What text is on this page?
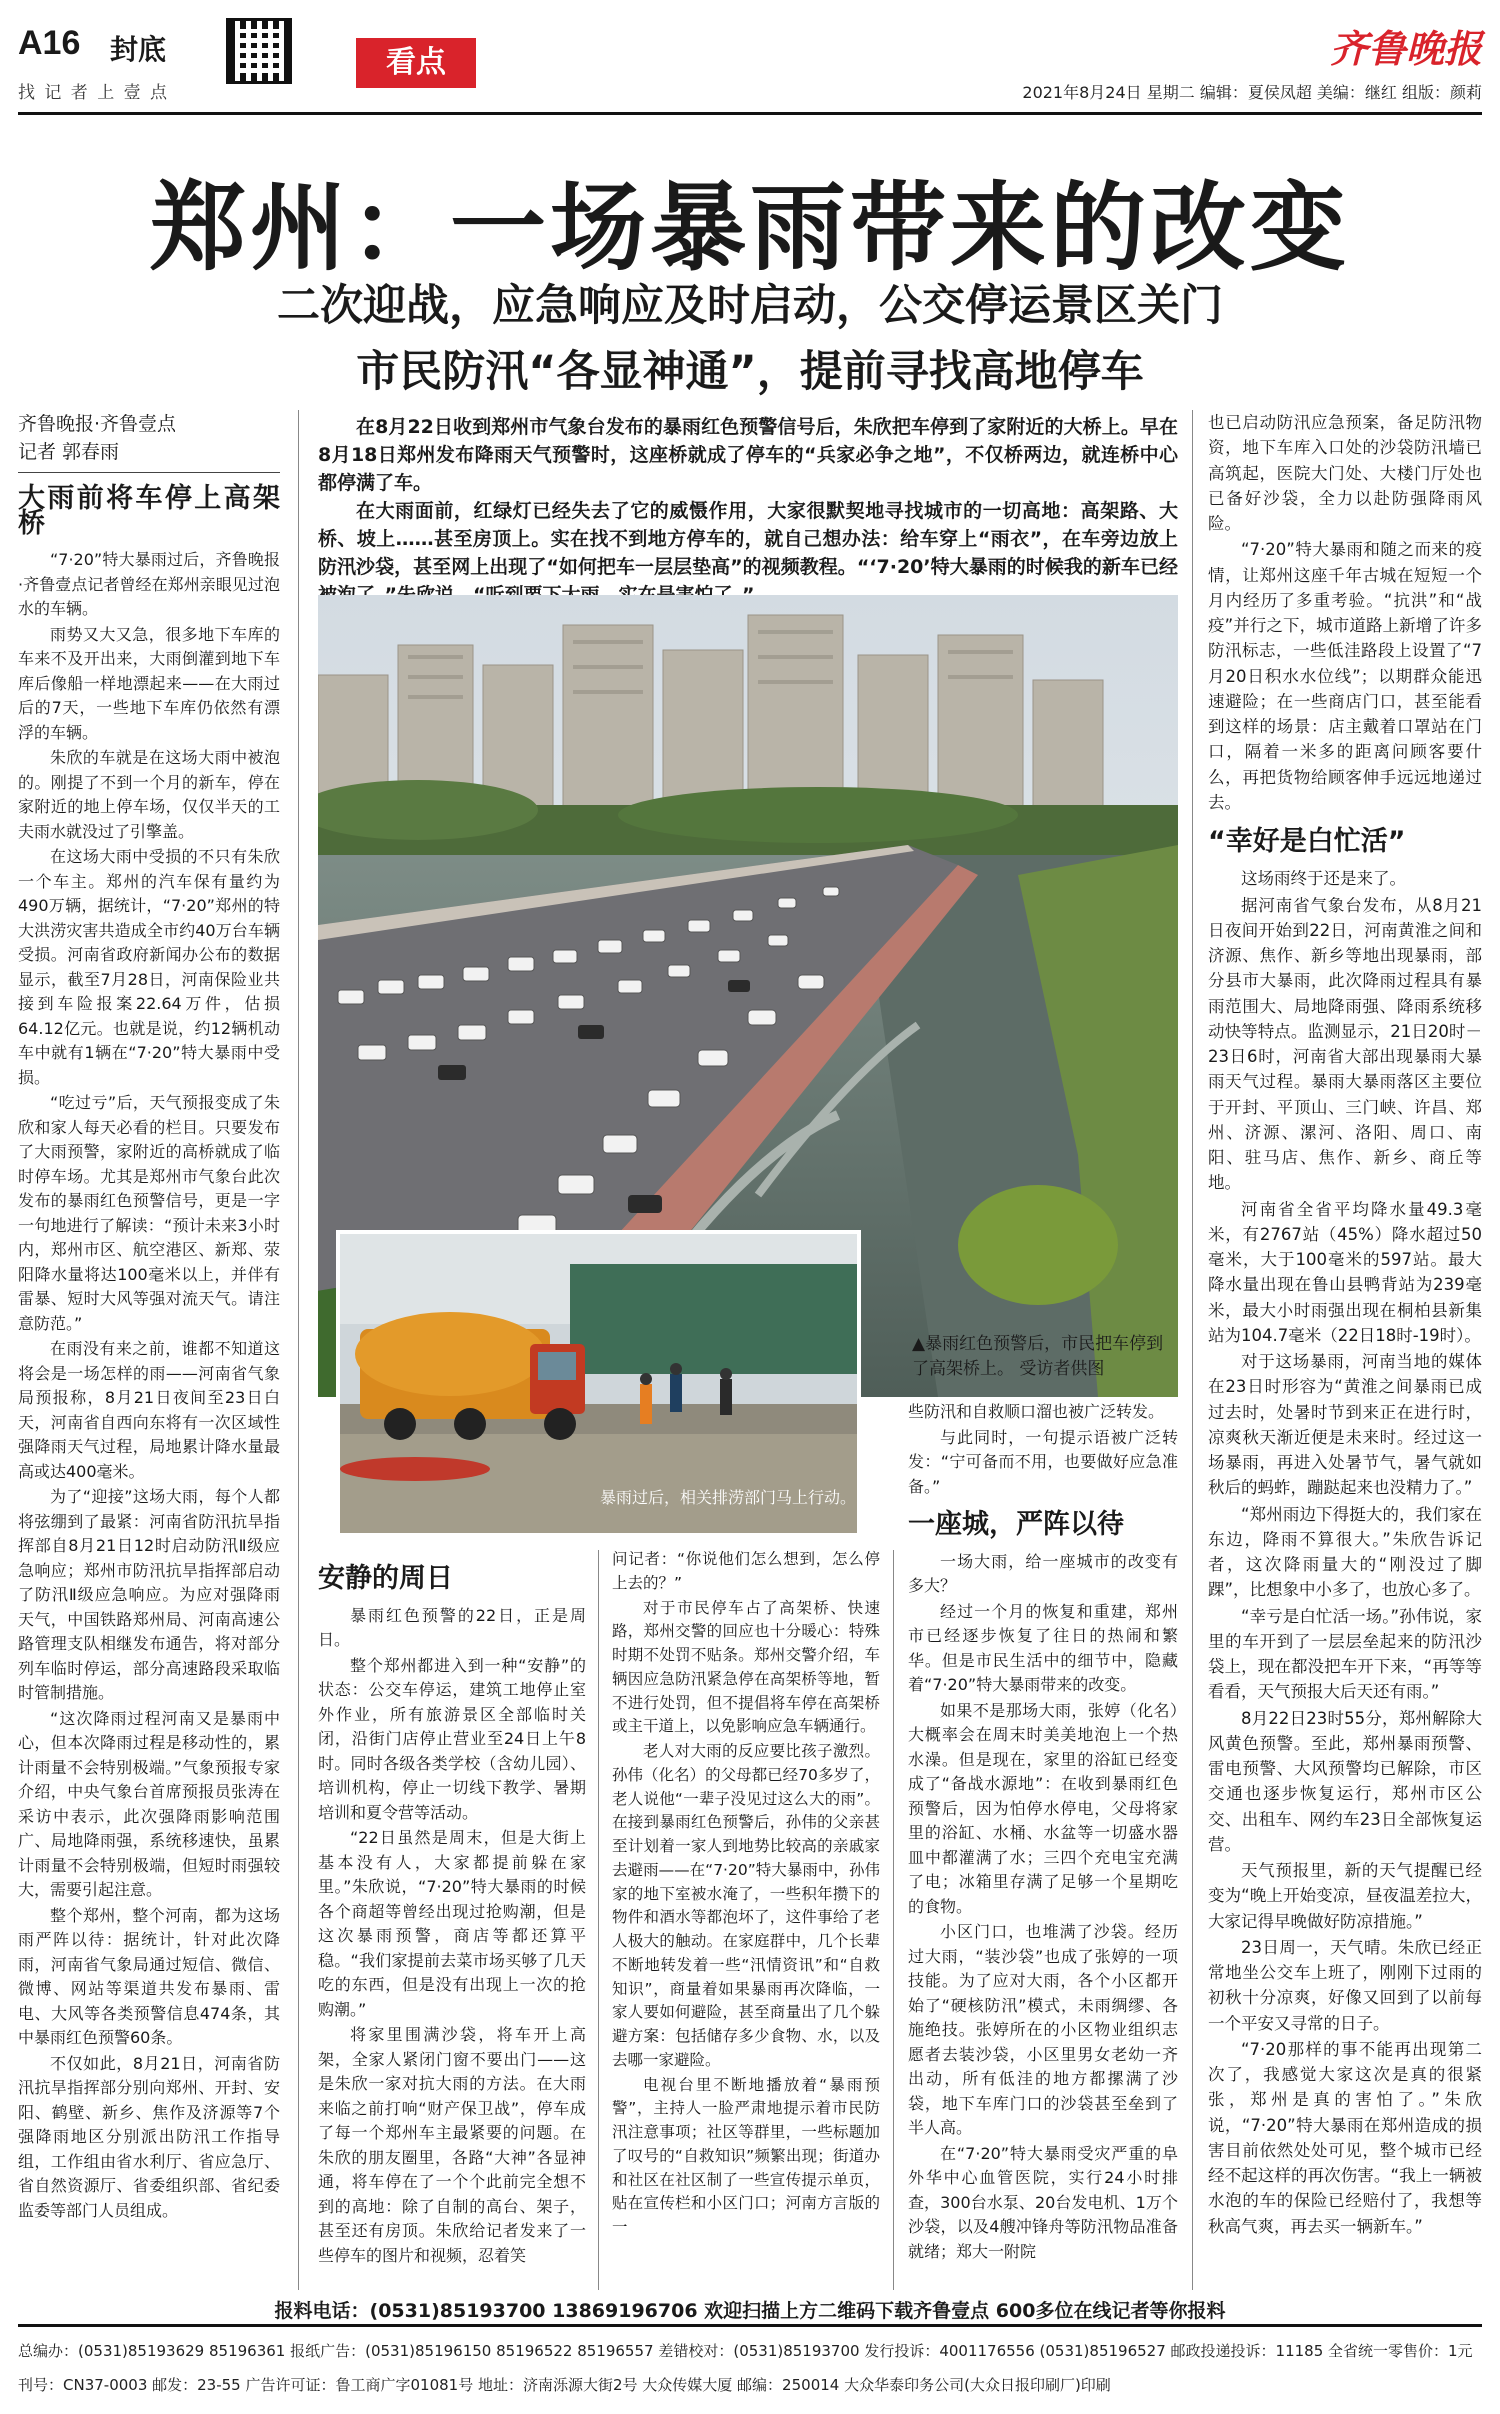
A16 封底
找 记 者 上 壹 点
看点	齐鲁晚报
2021年8月24日 星期二 编辑：夏侯凤超 美编：继红 组版：颜莉
郑州：一场暴雨带来的改变
二次迎战，应急响应及时启动，公交停运景区关门
市民防汛“各显神通”，提前寻找高地停车

在8月22日收到郑州市气象台发布的暴雨红色预警信号后，朱欣把车停到了家附近的大桥上。早在8月18日郑州发布降雨天气预警时，这座桥就成了停车的“兵家必争之地”，不仅桥两边，就连桥中心都停满了车。

在大雨面前，红绿灯已经失去了它的威慑作用，大家很默契地寻找城市的一切高地：高架路、大桥、坡上……甚至房顶上。实在找不到地方停车的，就自己想办法：给车穿上“雨衣”，在车旁边放上防汛沙袋，甚至网上出现了“如何把车一层层垫高”的视频教程。“‘7·20’特大暴雨的时候我的新车已经

齐鲁晚报·齐鲁壹点
记者 郭春雨
大雨前将车停上高架桥

“7·20”特大暴雨过后，齐鲁晚报·齐鲁壹点记者曾经在郑州亲眼见过泡水的车辆。

雨势又大又急，很多地下车库的车来不及开出来，大雨倒灌到地下车库后像船一样地漂起来——在大雨过后的7天，一些地下车库仍依然有漂浮的车辆。

朱欣的车就是在这场大雨中被泡的。刚提了不到一个月的新车，停在家附近的地上停车场，仅仅半天的工夫雨水就没过了引擎盖。

在这场大雨中受损的不只有朱欣一个车主。郑州的汽车保有量约为490万辆，据统计，“7·20”郑州的特大洪涝灾害共造成全市约40万台车辆受损。河南省政府新闻办公布的数据显示，截至7月28日，河南保险业共接到车险报案22.64万件，估损64.12亿元。也就是说，约12辆机动车中就有1辆在“7·20”特大暴雨中受损。

“吃过亏”后，天气预报变成了朱欣和家人每天必看的栏目。只要发布了大雨预警，家附近的高桥就成了临时停车场。尤其是郑州市气象台此次发布的暴雨红色预警信号，更是一字一句地进行了解读：“预计未来3小时内，郑州市区、航空港区、新郑、荥阳降水量将达100毫米以上，并伴有雷暴、短时大风等强对流天气。请注意防范。”

在雨没有来之前，谁都不知道这将会是一场怎样的雨——河南省气象局预报称，8月21日夜间至23日白天，河南省自西向东将有一次区域性强降雨天气过程，局地累计降水量最高或达400毫米。

为了“迎接”这场大雨，每个人都将弦绷到了最紧：河南省防汛抗旱指挥部自8月21日12时启动防汛Ⅱ级应急响应；郑州市防汛抗旱指挥部启动了防汛Ⅱ级应急响应。为应对强降雨天气，中国铁路郑州局、河南高速公路管理支队相继发布通告，将对部分列车临时停运，部分高速路段采取临时管制措施。

“这次降雨过程河南又是暴雨中心，但本次降雨过程是移动性的，累计雨量不会特别极端。”气象预报专家介绍，中央气象台首席预报员张涛在采访中表示，此次强降雨影响范围广、局地降雨强，系统移速快，虽累计雨量不会特别极端，但短时雨强较大，需要引起注意。

整个郑州，整个河南，都为这场雨严阵以待：据统计，针对此次降雨，河南省气象局通过短信、微信、微博、网站等渠道共发布暴雨、雷电、大风等各类预警信息474条，其中暴雨红色预警60条。

不仅如此，8月21日，河南省防汛抗旱指挥部分别向郑州、开封、安阳、鹤壁、新乡、焦作及济源等7个强降雨地区分别派出防汛工作指导组，工作组由省水利厅、省应急厅、省自然资源厅、省委组织部、省纪委监委等部门人员组成。

暴雨过后，相关排涝部门马上行动。
▲暴雨红色预警后，市民把车停到了高架桥上。 受访者供图
安静的周日

暴雨红色预警的22日，正是周日。

整个郑州都进入到一种“安静”的状态：公交车停运，建筑工地停止室外作业，所有旅游景区全部临时关闭，沿街门店停止营业至24日上午8时。同时各级各类学校（含幼儿园）、培训机构，停止一切线下教学、暑期培训和夏令营等活动。

“22日虽然是周末，但是大街上基本没有人，大家都提前躲在家里。”朱欣说，“7·20”特大暴雨的时候各个商超等曾经出现过抢购潮，但是这次暴雨预警，商店等都还算平稳。“我们家提前去菜市场买够了几天吃的东西，但是没有出现上一次的抢购潮。”

将家里围满沙袋，将车开上高架，全家人紧闭门窗不要出门——这是朱欣一家对抗大雨的方法。在大雨来临之前打响“财产保卫战”，停车成了每一个郑州车主最紧要的问题。在朱欣的朋友圈里，各路“大神”各显神通，将车停在了一个个此前完全想不到的高地：除了自制的高台、架子，甚至还有房顶。朱欣给记者发来了一些停车的图片和视频，忍着笑

问记者：“你说他们怎么想到，怎么停上去的？”

对于市民停车占了高架桥、快速路，郑州交警的回应也十分暖心：特殊时期不处罚不贴条。郑州交警介绍，车辆因应急防汛紧急停在高架桥等地，暂不进行处罚，但不提倡将车停在高架桥或主干道上，以免影响应急车辆通行。

老人对大雨的反应要比孩子激烈。孙伟（化名）的父母都已经70多岁了，老人说他“一辈子没见过这么大的雨”。在接到暴雨红色预警后，孙伟的父亲甚至计划着一家人到地势比较高的亲戚家去避雨——在“7·20”特大暴雨中，孙伟家的地下室被水淹了，一些积年攒下的物件和酒水等都泡坏了，这件事给了老人极大的触动。在家庭群中，几个长辈不断地转发着一些“汛情资讯”和“自救知识”，商量着如果暴雨再次降临，一家人要如何避险，甚至商量出了几个躲避方案：包括储存多少食物、水，以及去哪一家避险。

电视台里不断地播放着“暴雨预警”，主持人一脸严肃地提示着市民防汛注意事项；社区等群里，一些标题加了叹号的“自救知识”频繁出现；街道办和社区在社区制了一些宣传提示单页，贴在宣传栏和小区门口；河南方言版的一

些防汛和自救顺口溜也被广泛转发。

与此同时，一句提示语被广泛转发：“宁可备而不用，也要做好应急准备。”

一座城，严阵以待

一场大雨，给一座城市的改变有多大？

经过一个月的恢复和重建，郑州市已经逐步恢复了往日的热闹和繁华。但是市民生活中的细节中，隐藏着“7·20”特大暴雨带来的改变。

如果不是那场大雨，张婷（化名）大概率会在周末时美美地泡上一个热水澡。但是现在，家里的浴缸已经变成了“备战水源地”：在收到暴雨红色预警后，因为怕停水停电，父母将家里的浴缸、水桶、水盆等一切盛水器皿中都灌满了水；三四个充电宝充满了电；冰箱里存满了足够一个星期吃的食物。

小区门口，也堆满了沙袋。经历过大雨，“装沙袋”也成了张婷的一项技能。为了应对大雨，各个小区都开始了“硬核防汛”模式，未雨绸缪、各施绝技。张婷所在的小区物业组织志愿者去装沙袋，小区里男女老幼一齐出动，所有低洼的地方都摞满了沙袋，地下车库门口的沙袋甚至垒到了半人高。

在“7·20”特大暴雨受灾严重的阜外华中心血管医院，实行24小时排查，300台水泵、20台发电机、1万个沙袋，以及4艘冲锋舟等防汛物品准备就绪；郑大一附院

也已启动防汛应急预案，备足防汛物资，地下车库入口处的沙袋防汛墙已高筑起，医院大门处、大楼门厅处也已备好沙袋，全力以赴防强降雨风险。

“7·20”特大暴雨和随之而来的疫情，让郑州这座千年古城在短短一个月内经历了多重考验。“抗洪”和“战疫”并行之下，城市道路上新增了许多防汛标志，一些低洼路段上设置了“7月20日积水水位线”；以期群众能迅速避险；在一些商店门口，甚至能看到这样的场景：店主戴着口罩站在门口，隔着一米多的距离问顾客要什么，再把货物给顾客伸手远远地递过去。

“幸好是白忙活”

这场雨终于还是来了。

据河南省气象台发布，从8月21日夜间开始到22日，河南黄淮之间和济源、焦作、新乡等地出现暴雨，部分县市大暴雨，此次降雨过程具有暴雨范围大、局地降雨强、降雨系统移动快等特点。监测显示，21日20时－23日6时，河南省大部出现暴雨大暴雨天气过程。暴雨大暴雨落区主要位于开封、平顶山、三门峡、许昌、郑州、济源、漯河、洛阳、周口、南阳、驻马店、焦作、新乡、商丘等地。

河南省全省平均降水量49.3毫米，有2767站（45%）降水超过50毫米，大于100毫米的597站。最大降水量出现在鲁山县鸭背站为239毫米，最大小时雨强出现在桐柏县新集站为104.7毫米（22日18时-19时）。

对于这场暴雨，河南当地的媒体在23日时形容为“黄淮之间暴雨已成过去时，处暑时节到来正在进行时，凉爽秋天渐近便是未来时。经过这一场暴雨，再进入处暑节气，暑气就如秋后的蚂蚱，蹦跶起来也没精力了。”

“郑州雨边下得挺大的，我们家在东边，降雨不算很大。”朱欣告诉记者，这次降雨量大的“刚没过了脚踝”，比想象中小多了，也放心多了。

“幸亏是白忙活一场。”孙伟说，家里的车开到了一层层垒起来的防汛沙袋上，现在都没把车开下来，“再等等看看，天气预报大后天还有雨。”

8月22日23时55分，郑州解除大风黄色预警。至此，郑州暴雨预警、雷电预警、大风预警均已解除，市区交通也逐步恢复运行，郑州市区公交、出租车、网约车23日全部恢复运营。

天气预报里，新的天气提醒已经变为“晚上开始变凉，昼夜温差拉大，大家记得早晚做好防凉措施。”

23日周一，天气晴。朱欣已经正常地坐公交车上班了，刚刚下过雨的初秋十分凉爽，好像又回到了以前每一个平安又寻常的日子。

“7·20那样的事不能再出现第二次了，我感觉大家这次是真的很紧张，郑州是真的害怕了。”朱欣说，“7·20”特大暴雨在郑州造成的损害目前依然处处可见，整个城市已经经不起这样的再次伤害。“我上一辆被水泡的车的保险已经赔付了，我想等秋高气爽，再去买一辆新车。”

报料电话：(0531)85193700 13869196706 欢迎扫描上方二维码下载齐鲁壹点 600多位在线记者等你报料
总编办：(0531)85193629 85196361 报纸广告：(0531)85196150 85196522 85196557 差错校对：(0531)85193700 发行投诉：4001176556 (0531)85196527 邮政投递投诉：11185 全省统一零售价：1元
刊号：CN37-0003 邮发：23-55 广告许可证：鲁工商广字01081号 地址：济南泺源大街2号 大众传媒大厦 邮编：250014 大众华泰印务公司(大众日报印刷厂)印刷
